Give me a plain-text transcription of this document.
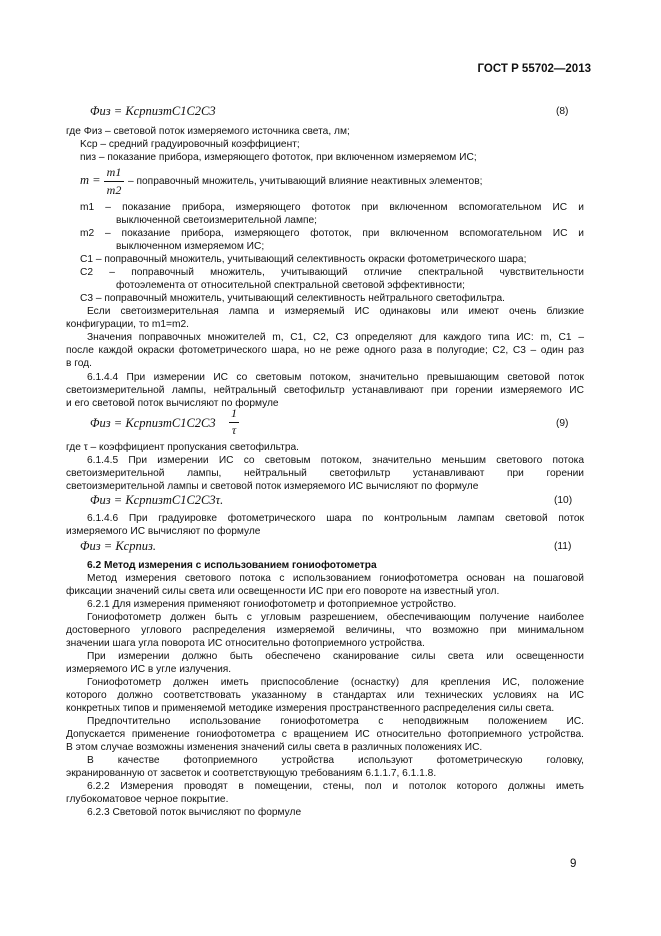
ГОСТ Р 55702—2013
Φиз = KсрnизmC1C2C3	(8)
где Φиз – световой поток измеряемого источника света, лм;
Kср – средний градуировочный коэффициент;
nиз – показание прибора, измеряющего фототок, при включенном измеряемом ИС;
m =
m1
m2
– поправочный множитель, учитывающий влияние неактивных элементов;
m1 – показание прибора, измеряющего фототок при включенном вспомогательном ИС и
выключенной светоизмерительной лампе;
m2 – показание прибора, измеряющего фототок, при включенном вспомогательном ИС и
выключенном измеряемом ИС;
C1 – поправочный множитель, учитывающий селективность окраски фотометрического шара;
C2 – поправочный множитель, учитывающий отличие спектральной чувствительности
фотоэлемента от относительной спектральной световой эффективности;
C3 – поправочный множитель, учитывающий селективность нейтрального светофильтра.
Если светоизмерительная лампа и измеряемый ИС одинаковы или имеют очень близкие
конфигурации, то m1=m2.
Значения поправочных множителей m, C1, C2, C3 определяют для каждого типа ИС: m, C1 –
после каждой окраски фотометрического шара, но не реже одного раза в полугодие; C2, C3 – один раз
в год.
6.1.4.4 При измерении ИС со световым потоком, значительно превышающим световой поток
светоизмерительной лампы, нейтральный светофильтр устанавливают при горении измеряемого ИС
и его световой поток вычисляют по формуле
Φиз = KсрnизmC1C2C3
1
τ	(9)
где τ – коэффициент пропускания светофильтра.
6.1.4.5 При измерении ИС со световым потоком, значительно меньшим светового потока
светоизмерительной лампы, нейтральный светофильтр устанавливают при горении
светоизмерительной лампы и световой поток измеряемого ИС вычисляют по формуле
Φиз = KсрnизmC1C2C3τ.	(10)
6.1.4.6 При градуировке фотометрического шара по контрольным лампам световой поток
измеряемого ИС вычисляют по формуле
Φиз = Kсрnиз.	(11)
6.2 Метод измерения с использованием гониофотометра
Метод измерения светового потока с использованием гониофотометра основан на пошаговой
фиксации значений силы света или освещенности ИС при его повороте на известный угол.
6.2.1 Для измерения применяют гониофотометр и фотоприемное устройство.
Гониофотометр должен быть с угловым разрешением, обеспечивающим получение наиболее
достоверного углового распределения измеряемой величины, что возможно при минимальном
значении шага угла поворота ИС относительно фотоприемного устройства.
При измерении должно быть обеспечено сканирование силы света или освещенности
измеряемого ИС в угле излучения.
Гониофотометр должен иметь приспособление (оснастку) для крепления ИС, положение
которого должно соответствовать указанному в стандартах или технических условиях на ИС
конкретных типов и применяемой методике измерения пространственного распределения силы света.
Предпочтительно использование гониофотометра с неподвижным положением ИС.
Допускается применение гониофотометра с вращением ИС относительно фотоприемного устройства.
В этом случае возможны изменения значений силы света в различных положениях ИС.
В качестве фотоприемного устройства используют фотометрическую головку,
экранированную от засветок и соответствующую требованиям 6.1.1.7, 6.1.1.8.
6.2.2 Измерения проводят в помещении, стены, пол и потолок которого должны иметь
глубокоматовое черное покрытие.
6.2.3 Световой поток вычисляют по формуле
9
